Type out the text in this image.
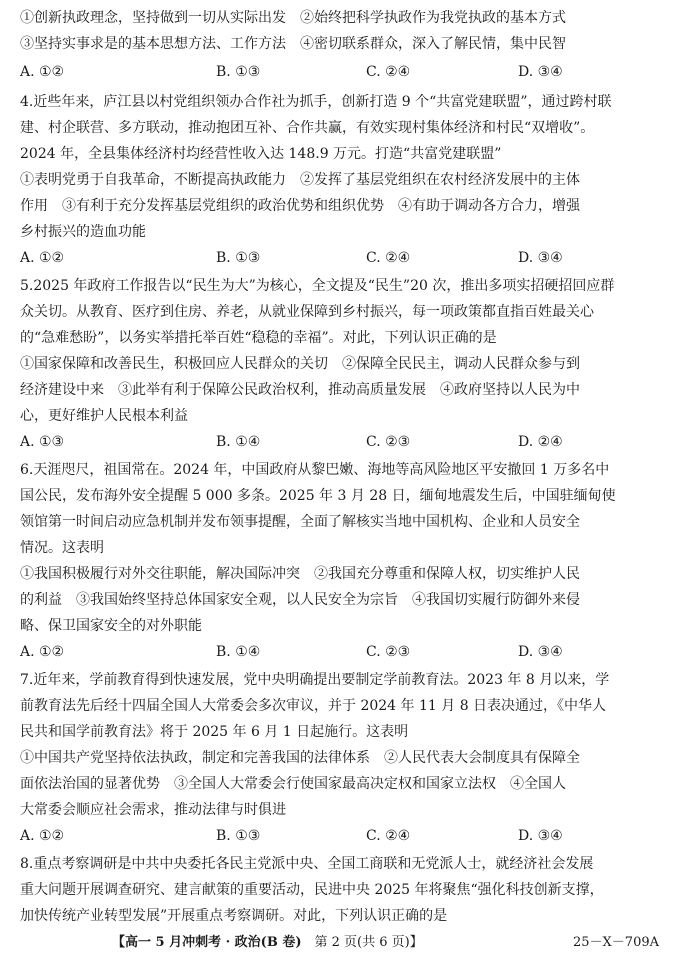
①创新执政理念，坚持做到一切从实际出发　②始终把科学执政作为我党执政的基本方式
③坚持实事求是的基本思想方法、工作方法　④密切联系群众，深入了解民情，集中民智
A. ①②	B. ①③	C. ②④	D. ③④
4.近些年来，庐江县以村党组织领办合作社为抓手，创新打造 9 个“共富党建联盟”，通过跨村联
建、村企联营、多方联动，推动抱团互补、合作共赢，有效实现村集体经济和村民“双增收”。
2024 年，全县集体经济村均经营性收入达 148.9 万元。打造“共富党建联盟”
①表明党勇于自我革命，不断提高执政能力　②发挥了基层党组织在农村经济发展中的主体
作用　③有利于充分发挥基层党组织的政治优势和组织优势　④有助于调动各方合力，增强
乡村振兴的造血功能
A. ①②	B. ①③	C. ②④	D. ③④
5.2025 年政府工作报告以“民生为大”为核心，全文提及“民生”20 次，推出多项实招硬招回应群
众关切。从教育、医疗到住房、养老，从就业保障到乡村振兴，每一项政策都直指百姓最关心
的“急难愁盼”，以务实举措托举百姓“稳稳的幸福”。对此，下列认识正确的是
①国家保障和改善民生，积极回应人民群众的关切　②保障全民民主，调动人民群众参与到
经济建设中来　③此举有利于保障公民政治权利，推动高质量发展　④政府坚持以人民为中
心，更好维护人民根本利益
A. ①③	B. ①④	C. ②③	D. ②④
6.天涯咫尺，祖国常在。2024 年，中国政府从黎巴嫩、海地等高风险地区平安撤回 1 万多名中
国公民，发布海外安全提醒 5 000 多条。2025 年 3 月 28 日，缅甸地震发生后，中国驻缅甸使
领馆第一时间启动应急机制并发布领事提醒，全面了解核实当地中国机构、企业和人员安全
情况。这表明
①我国积极履行对外交往职能，解决国际冲突　②我国充分尊重和保障人权，切实维护人民
的利益　③我国始终坚持总体国家安全观，以人民安全为宗旨　④我国切实履行防御外来侵
略、保卫国家安全的对外职能
A. ①②	B. ①④	C. ②③	D. ③④
7.近年来，学前教育得到快速发展，党中央明确提出要制定学前教育法。2023 年 8 月以来，学
前教育法先后经十四届全国人大常委会多次审议，并于 2024 年 11 月 8 日表决通过，《中华人
民共和国学前教育法》将于 2025 年 6 月 1 日起施行。这表明
①中国共产党坚持依法执政，制定和完善我国的法律体系　②人民代表大会制度具有保障全
面依法治国的显著优势　③全国人大常委会行使国家最高决定权和国家立法权　④全国人
大常委会顺应社会需求，推动法律与时俱进
A. ①②	B. ①③	C. ②④	D. ③④
8.重点考察调研是中共中央委托各民主党派中央、全国工商联和无党派人士，就经济社会发展
重大问题开展调查研究、建言献策的重要活动，民进中央 2025 年将聚焦“强化科技创新支撑，
加快传统产业转型发展”开展重点考察调研。对此，下列认识正确的是
【高一 5 月冲刺考 · 政治(B 卷)　第 2 页(共 6 页)】	25－X－709A
